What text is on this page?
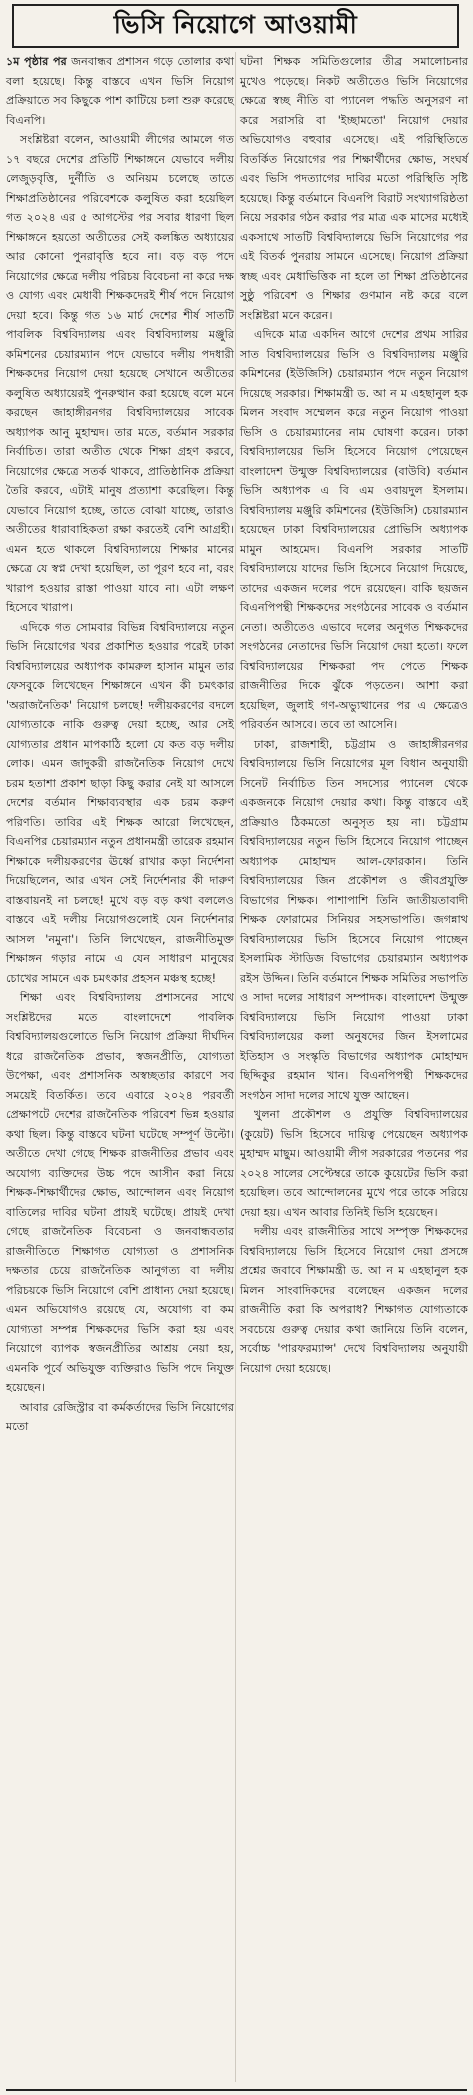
ভিসি নিয়োগে আওয়ামী

১ম পৃষ্ঠার পর জনবান্ধব প্রশাসন গড়ে তোলার কথা বলা হয়েছে। কিন্তু বাস্তবে এখন ভিসি নিয়োগ প্রক্রিয়াতে সব কিছুকে পাশ কাটিয়ে চলা শুরু করেছে বিএনপি।

সংশ্লিষ্টরা বলেন, আওয়ামী লীগের আমলে গত ১৭ বছরে দেশের প্রতিটি শিক্ষাঙ্গনে যেভাবে দলীয় লেজুড়বৃত্তি, দুর্নীতি ও অনিয়ম চলেছে তাতে শিক্ষাপ্রতিষ্ঠানের পরিবেশকে কলুষিত করা হয়েছিল গত ২০২৪ এর ৫ আগস্টের পর সবার ধারণা ছিল শিক্ষাঙ্গনে হয়তো অতীতের সেই কলঙ্কিত অধ্যায়ের আর কোনো পুনরাবৃত্তি হবে না। বড় বড় পদে নিয়োগের ক্ষেত্রে দলীয় পরিচয় বিবেচনা না করে দক্ষ ও যোগ্য এবং মেধাবী শিক্ষকদেরই শীর্ষ পদে নিয়োগ দেয়া হবে। কিন্তু গত ১৬ মার্চ দেশের শীর্ষ সাতটি পাবলিক বিশ্ববিদ্যালয় এবং বিশ্ববিদ্যালয় মঞ্জুরি কমিশনের চেয়ারম্যান পদে যেভাবে দলীয় পদধারী শিক্ষকদের নিয়োগ দেয়া হয়েছে সেখানে অতীতের কলুষিত অধ্যায়েরই পুনরুত্থান করা হয়েছে বলে মনে করছেন জাহাঙ্গীরনগর বিশ্ববিদ্যালয়ের সাবেক অধ্যাপক আনু মুহাম্মদ। তার মতে, বর্তমান সরকার নির্বাচিত। তারা অতীত থেকে শিক্ষা গ্রহণ করবে, নিয়োগের ক্ষেত্রে সতর্ক থাকবে, প্রাতিষ্ঠানিক প্রক্রিয়া তৈরি করবে, এটাই মানুষ প্রত্যাশা করেছিল। কিন্তু যেভাবে নিয়োগ হচ্ছে, তাতে বোঝা যাচ্ছে, তারাও অতীতের ধারাবাহিকতা রক্ষা করতেই বেশি আগ্রহী। এমন হতে থাকলে বিশ্ববিদ্যালয়ে শিক্ষার মানের ক্ষেত্রে যে স্বপ্ন দেখা হয়েছিল, তা পূরণ হবে না, বরং খারাপ হওয়ার রাস্তা পাওয়া যাবে না। এটা লক্ষণ হিসেবে খারাপ।

এদিকে গত সোমবার বিভিন্ন বিশ্ববিদ্যালয়ে নতুন ভিসি নিয়োগের খবর প্রকাশিত হওয়ার পরেই ঢাকা বিশ্ববিদ্যালয়ের অধ্যাপক কামরুল হাসান মামুন তার ফেসবুকে লিখেছেন শিক্ষাঙ্গনে এখন কী চমৎকার 'অরাজনৈতিক' নিয়োগ চলছে! দলীয়করণের বদলে যোগ্যতাকে নাকি গুরুত্ব দেয়া হচ্ছে, আর সেই যোগ্যতার প্রধান মাপকাঠি হলো যে কত বড় দলীয় লোক। এমন জাদুকরী রাজনৈতিক নিয়োগ দেখে চরম হতাশা প্রকাশ ছাড়া কিছু করার নেই যা আসলে দেশের বর্তমান শিক্ষাব্যবস্থার এক চরম করুণ পরিণতি। তাবির এই শিক্ষক আরো লিখেছেন, বিএনপির চেয়ারম্যান নতুন প্রধানমন্ত্রী তারেক রহমান শিক্ষাকে দলীয়করণের ঊর্ধ্বে রাখার কড়া নির্দেশনা দিয়েছিলেন, আর এখন সেই নির্দেশনার কী দারুণ বাস্তবায়নই না চলছে! মুখে বড় বড় কথা বললেও বাস্তবে এই দলীয় নিয়োগগুলোই যেন নির্দেশনার আসল 'নমুনা'। তিনি লিখেছেন, রাজনীতিমুক্ত শিক্ষাঙ্গন গড়ার নামে এ যেন সাধারণ মানুষের চোখের সামনে এক চমৎকার প্রহসন মঞ্চস্থ হচ্ছে!

শিক্ষা এবং বিশ্ববিদ্যালয় প্রশাসনের সাথে সংশ্লিষ্টদের মতে বাংলাদেশে পাবলিক বিশ্ববিদ্যালয়গুলোতে ভিসি নিয়োগ প্রক্রিয়া দীর্ঘদিন ধরে রাজনৈতিক প্রভাব, স্বজনপ্রীতি, যোগ্যতা উপেক্ষা, এবং প্রশাসনিক অস্বচ্ছতার কারণে সব সময়েই বিতর্কিত। তবে এবারে ২০২৪ পরবর্তী প্রেক্ষাপটে দেশের রাজনৈতিক পরিবেশ ভিন্ন হওয়ার কথা ছিল। কিন্তু বাস্তবে ঘটনা ঘটেছে সম্পূর্ণ উল্টো। অতীতে দেখা গেছে শিক্ষক রাজনীতির প্রভাব এবং অযোগ্য ব্যক্তিদের উচ্চ পদে আসীন করা নিয়ে শিক্ষক-শিক্ষার্থীদের ক্ষোভ, আন্দোলন এবং নিয়োগ বাতিলের দাবির ঘটনা প্রায়ই ঘটেছে। প্রায়ই দেখা গেছে রাজনৈতিক বিবেচনা ও জনবান্ধবতার রাজনীতিতে শিক্ষাগত যোগ্যতা ও প্রশাসনিক দক্ষতার চেয়ে রাজনৈতিক আনুগত্য বা দলীয় পরিচয়কে ভিসি নিয়োগে বেশি প্রাধান্য দেয়া হয়েছে। এমন অভিযোগও রয়েছে যে, অযোগ্য বা কম যোগ্যতা সম্পন্ন শিক্ষকদের ভিসি করা হয় এবং নিয়োগে ব্যাপক স্বজনপ্রীতির আশ্রয় নেয়া হয়, এমনকি পূর্বে অভিযুক্ত ব্যক্তিরাও ভিসি পদে নিযুক্ত হয়েছেন।

আবার রেজিস্ট্রার বা কর্মকর্তাদের ভিসি নিয়োগের মতো

ঘটনা শিক্ষক সমিতিগুলোর তীব্র সমালোচনার মুখেও পড়েছে। নিকট অতীতেও ভিসি নিয়োগের ক্ষেত্রে স্বচ্ছ নীতি বা প্যানেল পদ্ধতি অনুসরণ না করে সরাসরি বা 'ইচ্ছামতো' নিয়োগ দেয়ার অভিযোগও বহুবার এসেছে। এই পরিস্থিতিতে বিতর্কিত নিয়োগের পর শিক্ষার্থীদের ক্ষোভ, সংঘর্ষ এবং ভিসি পদত্যাগের দাবির মতো পরিস্থিতি সৃষ্টি হয়েছে। কিন্তু বর্তমানে বিএনপি বিরাট সংখ্যাগরিষ্ঠতা নিয়ে সরকার গঠন করার পর মাত্র এক মাসের মধ্যেই একসাথে সাতটি বিশ্ববিদ্যালয়ে ভিসি নিয়োগের পর এই বিতর্ক পুনরায় সামনে এসেছে। নিয়োগ প্রক্রিয়া স্বচ্ছ এবং মেধাভিত্তিক না হলে তা শিক্ষা প্রতিষ্ঠানের সুষ্ঠু পরিবেশ ও শিক্ষার গুণমান নষ্ট করে বলে সংশ্লিষ্টরা মনে করেন।

এদিকে মাত্র একদিন আগে দেশের প্রথম সারির সাত বিশ্ববিদ্যালয়ের ভিসি ও বিশ্ববিদ্যালয় মঞ্জুরি কমিশনের (ইউজিসি) চেয়ারম্যান পদে নতুন নিয়োগ দিয়েছে সরকার। শিক্ষামন্ত্রী ড. আ ন ম এহছানুল হক মিলন সংবাদ সম্মেলন করে নতুন নিয়োগ পাওয়া ভিসি ও চেয়ারম্যানের নাম ঘোষণা করেন। ঢাকা বিশ্ববিদ্যালয়ের ভিসি হিসেবে নিয়োগ পেয়েছেন বাংলাদেশ উন্মুক্ত বিশ্ববিদ্যালয়ের (বাউবি) বর্তমান ভিসি অধ্যাপক এ বি এম ওবায়দুল ইসলাম। বিশ্ববিদ্যালয় মঞ্জুরি কমিশনের (ইউজিসি) চেয়ারম্যান হয়েছেন ঢাকা বিশ্ববিদ্যালয়ের প্রোভিসি অধ্যাপক মামুন আহমেদ। বিএনপি সরকার সাতটি বিশ্ববিদ্যালয়ে যাদের ভিসি হিসেবে নিয়োগ দিয়েছে, তাদের একজন দলের পদে রয়েছেন। বাকি ছয়জন বিএনপিপন্থী শিক্ষকদের সংগঠনের সাবেক ও বর্তমান নেতা। অতীতেও এভাবে দলের অনুগত শিক্ষকদের সংগঠনের নেতাদের ভিসি নিয়োগ দেয়া হতো। ফলে বিশ্ববিদ্যালয়ের শিক্ষকরা পদ পেতে শিক্ষক রাজনীতির দিকে ঝুঁকে পড়তেন। আশা করা হয়েছিল, জুলাই গণ-অভ্যুত্থানের পর এ ক্ষেত্রেও পরিবর্তন আসবে। তবে তা আসেনি।

ঢাকা, রাজশাহী, চট্টগ্রাম ও জাহাঙ্গীরনগর বিশ্ববিদ্যালয়ে ভিসি নিয়োগের মূল বিধান অনুযায়ী সিনেট নির্বাচিত তিন সদস্যের প্যানেল থেকে একজনকে নিয়োগ দেয়ার কথা। কিন্তু বাস্তবে এই প্রক্রিয়াও ঠিকমতো অনুসৃত হয় না। চট্টগ্রাম বিশ্ববিদ্যালয়ের নতুন ভিসি হিসেবে নিয়োগ পাচ্ছেন অধ্যাপক মোহাম্মদ আল-ফোরকান। তিনি বিশ্ববিদ্যালয়ের জিন প্রকৌশল ও জীবপ্রযুক্তি বিভাগের শিক্ষক। পাশাপাশি তিনি জাতীয়তাবাদী শিক্ষক ফোরামের সিনিয়র সহসভাপতি। জগন্নাথ বিশ্ববিদ্যালয়ের ভিসি হিসেবে নিয়োগ পাচ্ছেন ইসলামিক স্টাডিজ বিভাগের চেয়ারম্যান অধ্যাপক রইস উদ্দিন। তিনি বর্তমানে শিক্ষক সমিতির সভাপতি ও সাদা দলের সাধারণ সম্পাদক। বাংলাদেশ উন্মুক্ত বিশ্ববিদ্যালয়ে ভিসি নিয়োগ পাওয়া ঢাকা বিশ্ববিদ্যালয়ের কলা অনুষদের জিন ইসলামের ইতিহাস ও সংস্কৃতি বিভাগের অধ্যাপক মোহাম্মদ ছিদ্দিকুর রহমান খান। বিএনপিপন্থী শিক্ষকদের সংগঠন সাদা দলের সাথে যুক্ত আছেন।

খুলনা প্রকৌশল ও প্রযুক্তি বিশ্ববিদ্যালয়ের (কুয়েট) ভিসি হিসেবে দায়িত্ব পেয়েছেন অধ্যাপক মুহাম্মদ মাছুম। আওয়ামী লীগ সরকারের পতনের পর ২০২৪ সালের সেপ্টেম্বরে তাকে কুয়েটের ভিসি করা হয়েছিল। তবে আন্দোলনের মুখে পরে তাকে সরিয়ে দেয়া হয়। এখন আবার তিনিই ভিসি হয়েছেন।

দলীয় এবং রাজনীতির সাথে সম্পৃক্ত শিক্ষকদের বিশ্ববিদ্যালয়ে ভিসি হিসেবে নিয়োগ দেয়া প্রসঙ্গে প্রশ্নের জবাবে শিক্ষামন্ত্রী ড. আ ন ম এহছানুল হক মিলন সাংবাদিকদের বলেছেন একজন দলের রাজনীতি করা কি অপরাধ? শিক্ষাগত যোগ্যতাকে সবচেয়ে গুরুত্ব দেয়ার কথা জানিয়ে তিনি বলেন, সর্বোচ্চ 'পারফরম্যান্স' দেখে বিশ্ববিদ্যালয় অনুযায়ী নিয়োগ দেয়া হয়েছে।
